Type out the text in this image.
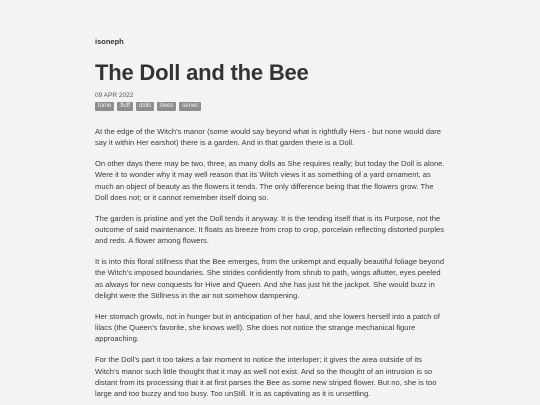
isoneph

The Doll and the Bee

09 APR 2022

tome	fluff	dolls	bees	senec

At the edge of the Witch’s manor (some would say beyond what is rightfully Hers - but none would dare say it within Her earshot) there is a garden. And in that garden there is a Doll.

On other days there may be two, three, as many dolls as She requires really; but today the Doll is alone. Were it to wonder why it may well reason that its Witch views it as something of a yard ornament, as much an object of beauty as the flowers it tends. The only difference being that the flowers grow. The Doll does not; or it cannot remember itself doing so.

The garden is pristine and yet the Doll tends it anyway. It is the tending itself that is its Purpose, not the outcome of said maintenance. It floats as breeze from crop to crop, porcelain reflecting distorted purples and reds. A flower among flowers.

It is into this floral stillness that the Bee emerges, from the unkempt and equally beautiful foliage beyond the Witch’s imposed boundaries. She strides confidently from shrub to path, wings aflutter, eyes peeled as always for new conquests for Hive and Queen. And she has just hit the jackpot. She would buzz in delight were the Stillness in the air not somehow dampening.

Her stomach growls, not in hunger but in anticipation of her haul, and she lowers herself into a patch of lilacs (the Queen’s favorite, she knows well). She does not notice the strange mechanical figure approaching.

For the Doll’s part it too takes a fair moment to notice the interloper; it gives the area outside of its Witch’s manor such little thought that it may as well not exist. And so the thought of an intrusion is so distant from its processing that it at first parses the Bee as some new striped flower. But no, she is too large and too buzzy and too busy. Too unStill. It is as captivating as it is unsettling.
